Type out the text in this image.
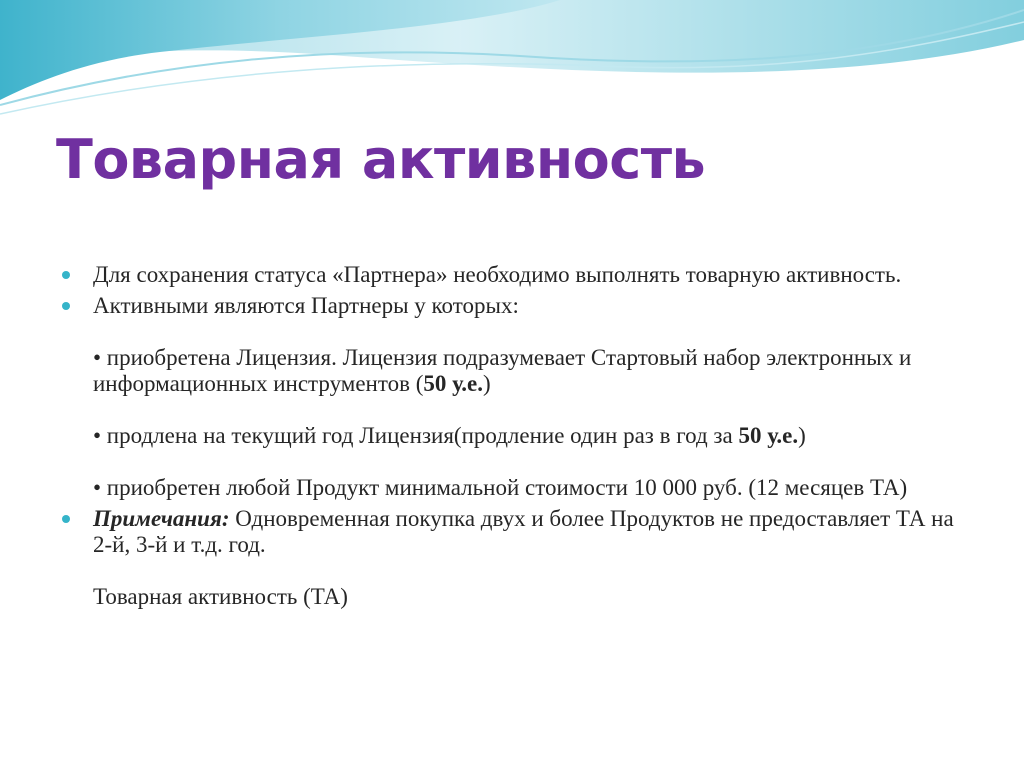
Товарная активность
Для сохранения статуса «Партнера» необходимо выполнять товарную активность.
Активными являются Партнеры у которых:
• приобретена Лицензия. Лицензия подразумевает Стартовый набор электронных и информационных инструментов (50 у.е.)
• продлена на текущий год Лицензия(продление один раз в год за 50 у.е.)
• приобретен любой Продукт минимальной стоимости 10 000 руб. (12 месяцев ТА)
Примечания: Одновременная покупка двух и более Продуктов не предоставляет ТА на 2-й, 3-й и т.д. год.
Товарная активность (ТА)
